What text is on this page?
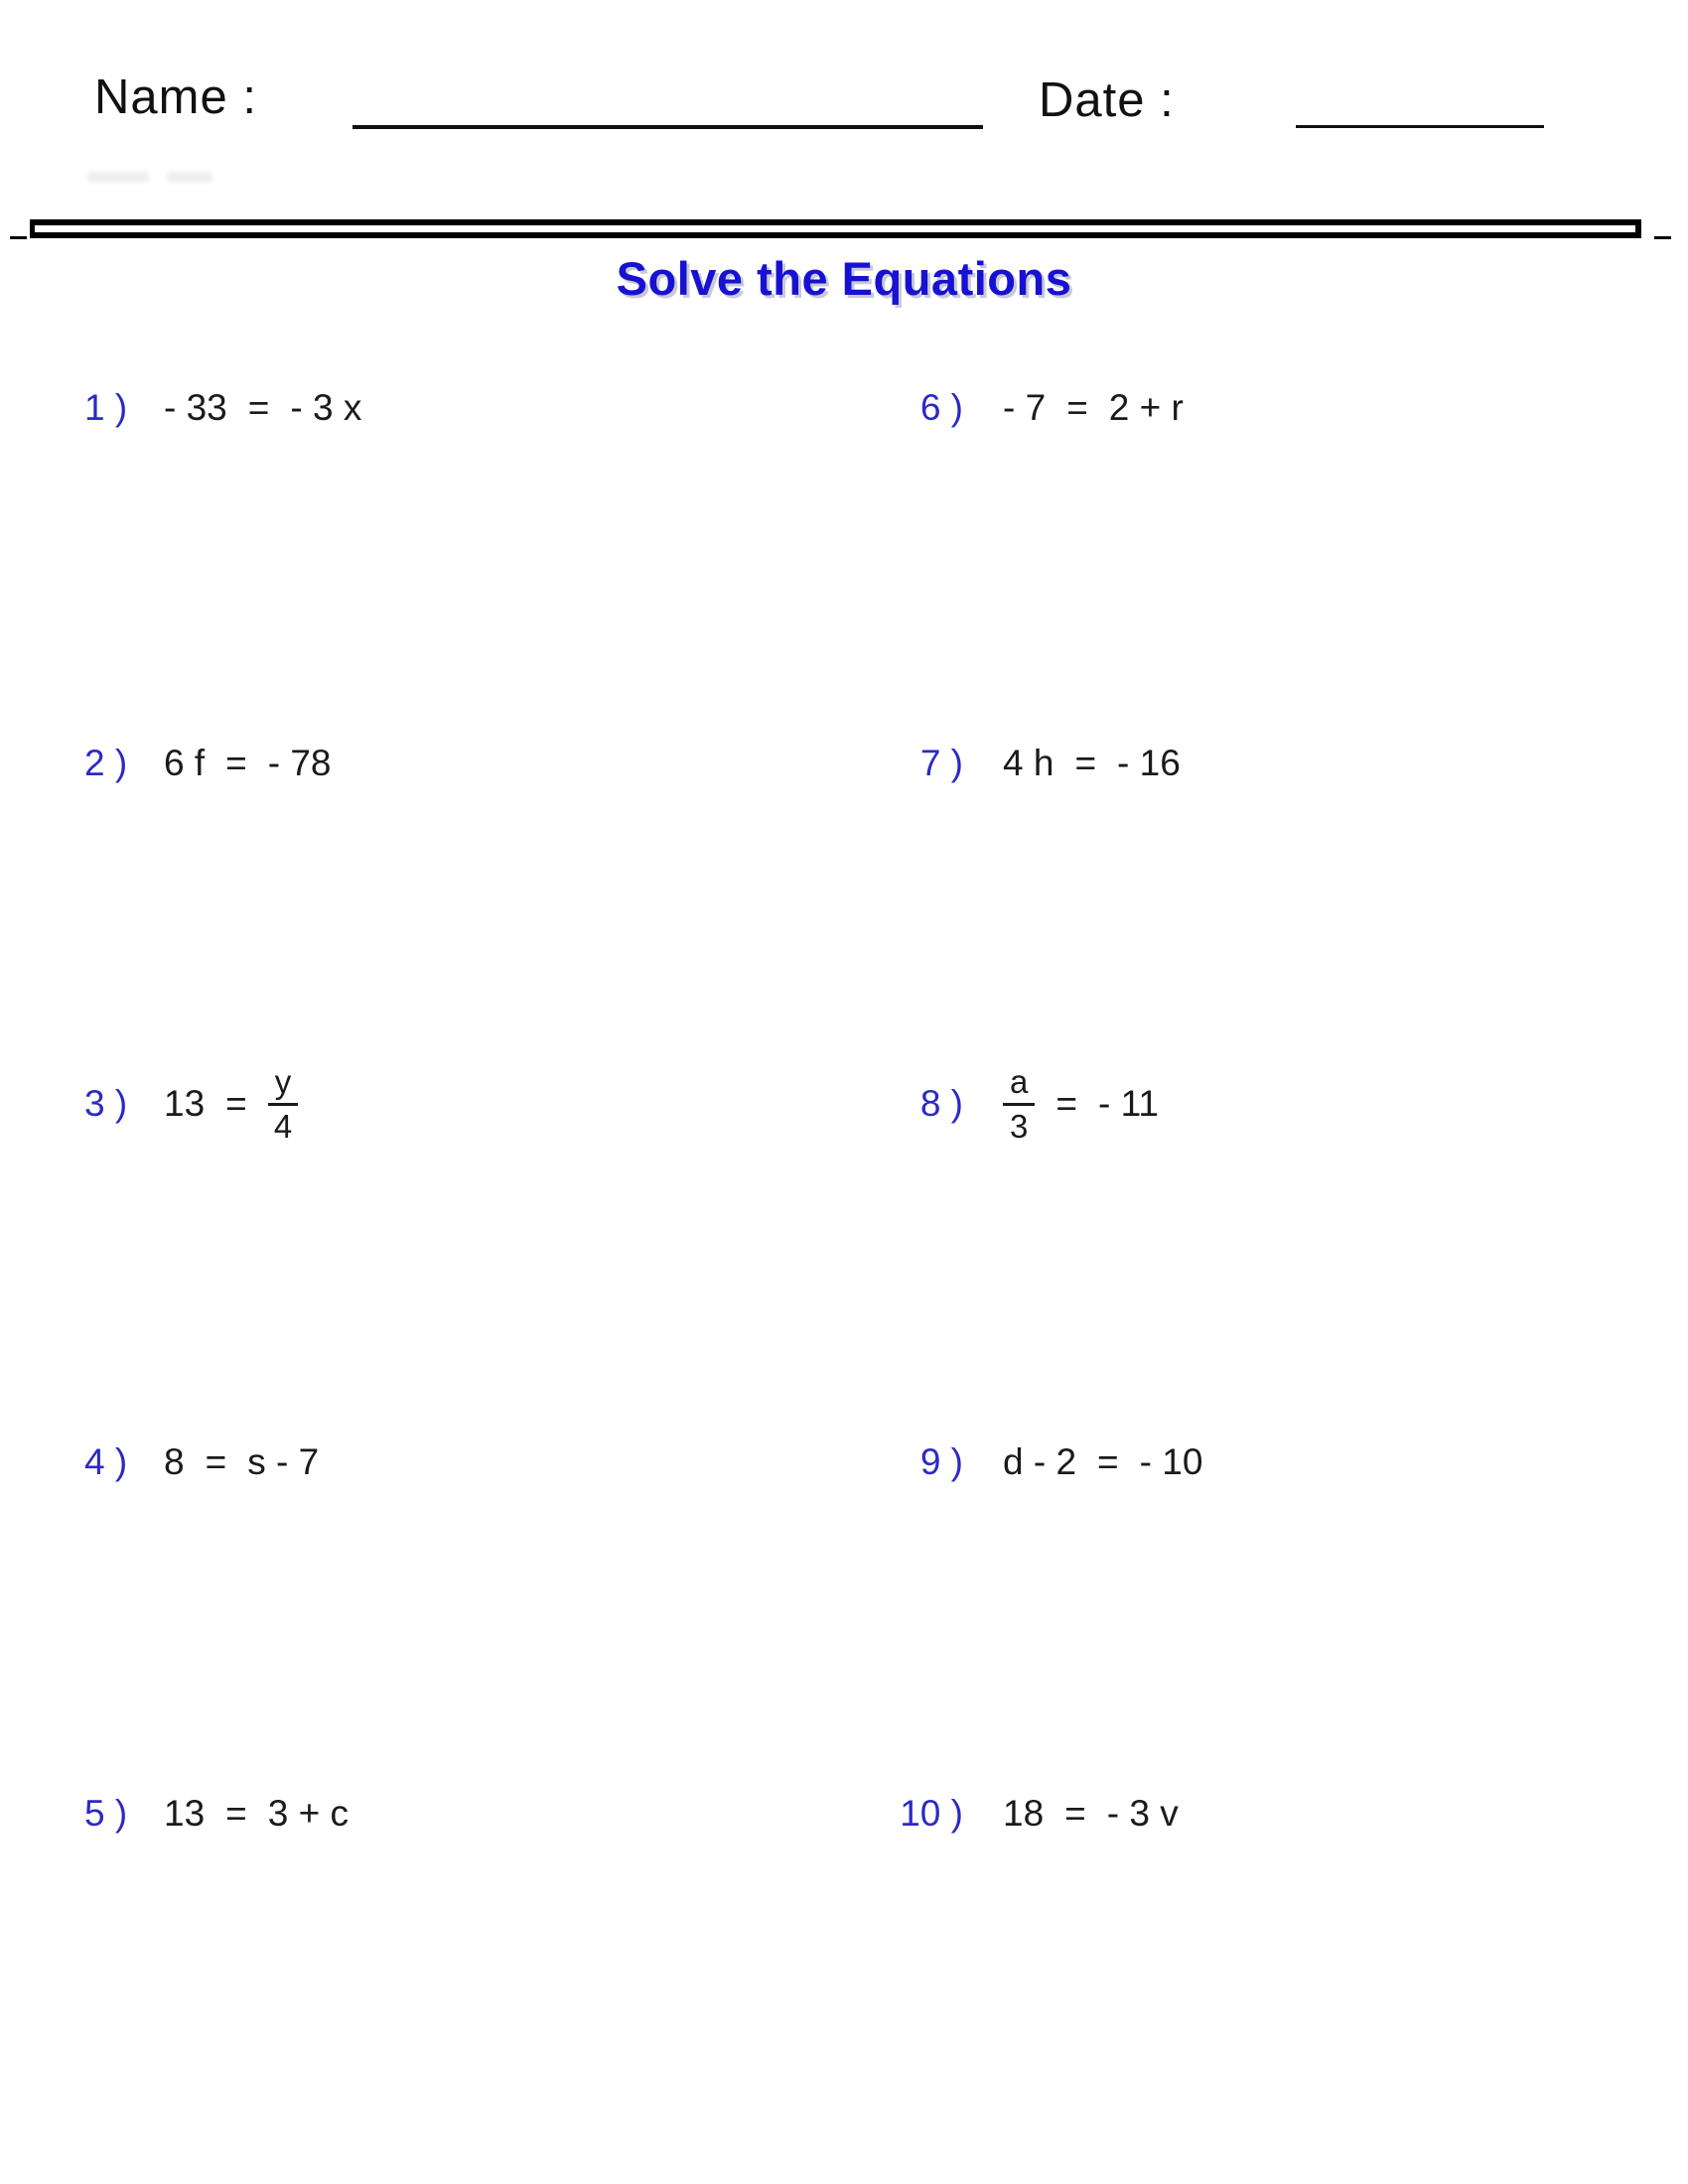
Name :	Date :
Solve the Equations
1 ) - 33 = - 3 x
2 ) 6 f = - 78
3 ) $13 = \frac{y}{4}$
4 ) 8 = s - 7
5 ) 13 = 3 + c
6 ) - 7 = 2 + r
7 ) 4 h = - 16
8 ) $\frac{a}{3}$ = - 11
9 ) d - 2 = - 10
10 ) 18 = - 3 v
